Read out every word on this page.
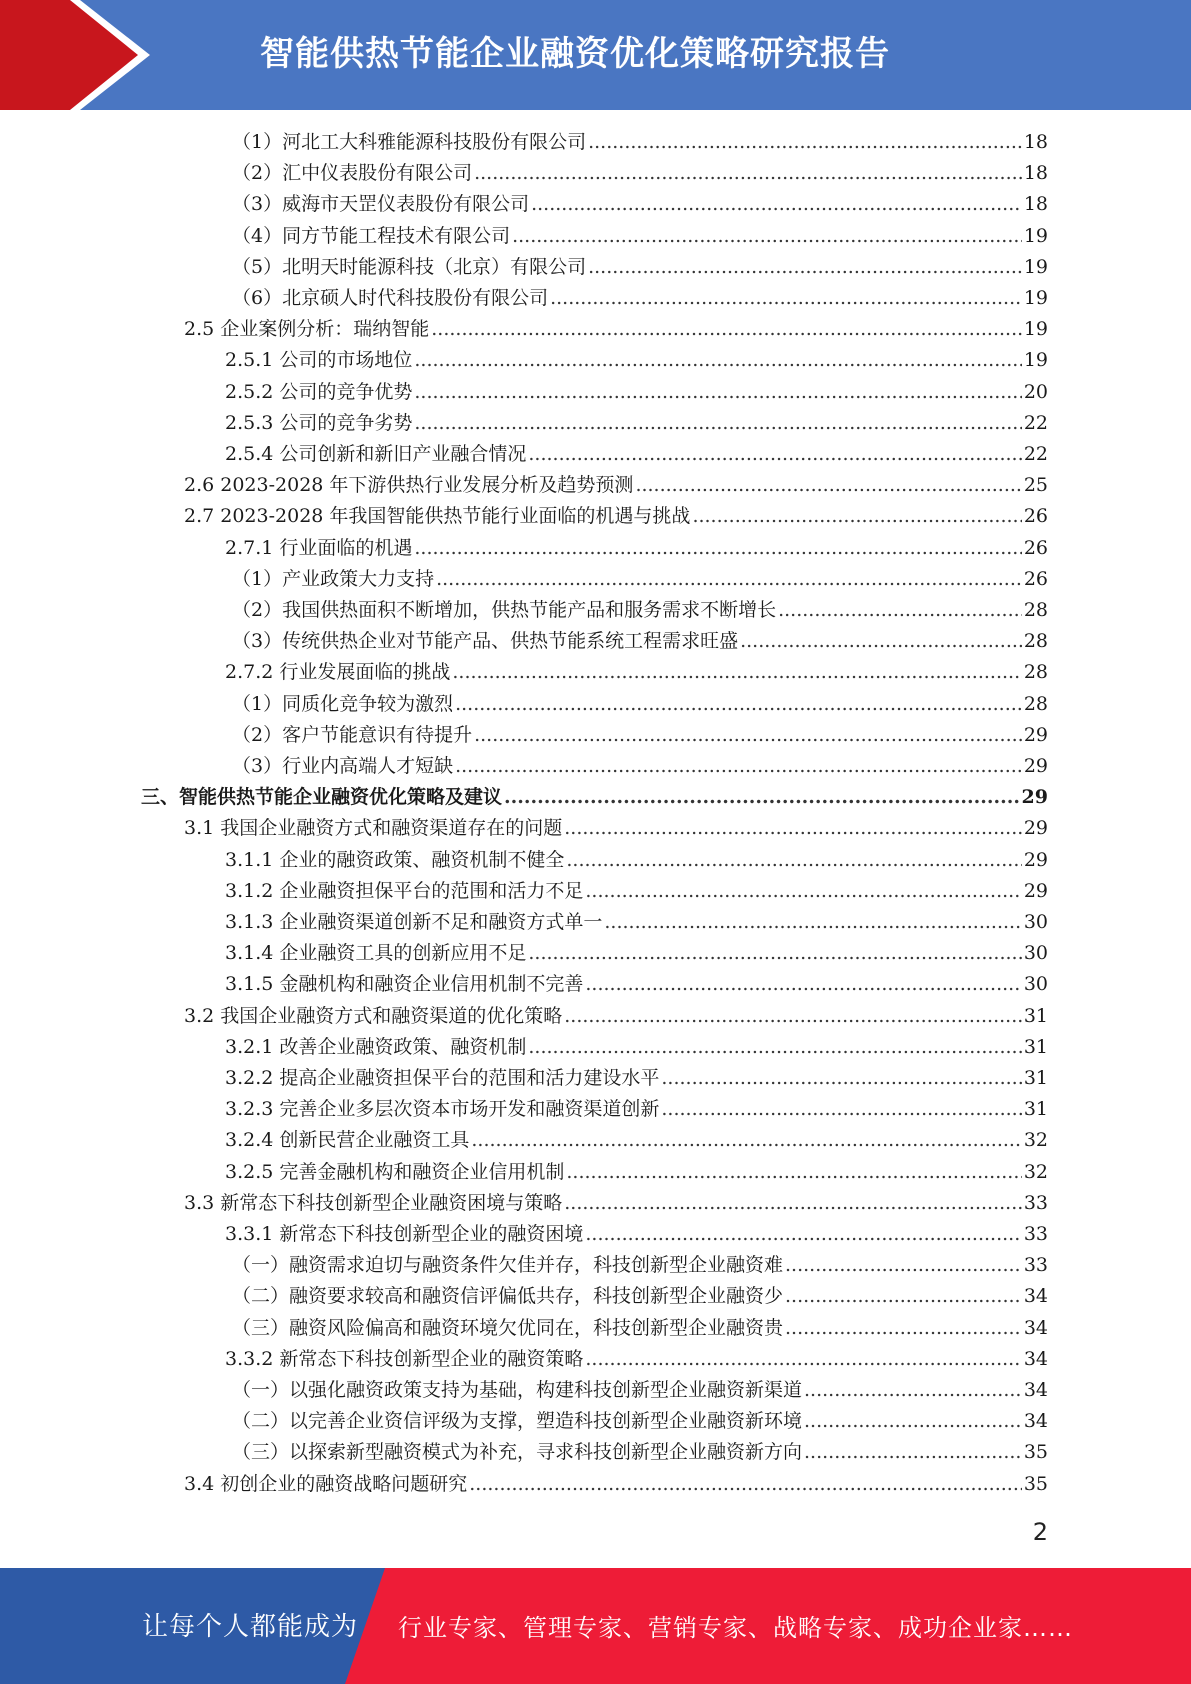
智能供热节能企业融资优化策略研究报告
（1）河北工大科雅能源科技股份有限公司 .....	18
（2）汇中仪表股份有限公司 .....	18
（3）威海市天罡仪表股份有限公司 .....	18
（4）同方节能工程技术有限公司 .....	19
（5）北明天时能源科技（北京）有限公司 .....	19
（6）北京硕人时代科技股份有限公司 .....	19
2.5 企业案例分析：瑞纳智能 .....	19
2.5.1 公司的市场地位 .....	19
2.5.2 公司的竞争优势 .....	20
2.5.3 公司的竞争劣势 .....	22
2.5.4 公司创新和新旧产业融合情况 .....	22
2.6 2023-2028 年下游供热行业发展分析及趋势预测 .....	25
2.7 2023-2028 年我国智能供热节能行业面临的机遇与挑战 .....	26
2.7.1 行业面临的机遇 .....	26
（1）产业政策大力支持 .....	26
（2）我国供热面积不断增加，供热节能产品和服务需求不断增长 .....	28
（3）传统供热企业对节能产品、供热节能系统工程需求旺盛 .....	28
2.7.2 行业发展面临的挑战 .....	28
（1）同质化竞争较为激烈 .....	28
（2）客户节能意识有待提升 .....	29
（3）行业内高端人才短缺 .....	29
三、智能供热节能企业融资优化策略及建议 .....	29
3.1 我国企业融资方式和融资渠道存在的问题 .....	29
3.1.1 企业的融资政策、融资机制不健全 .....	29
3.1.2 企业融资担保平台的范围和活力不足 .....	29
3.1.3 企业融资渠道创新不足和融资方式单一 .....	30
3.1.4 企业融资工具的创新应用不足 .....	30
3.1.5 金融机构和融资企业信用机制不完善 .....	30
3.2 我国企业融资方式和融资渠道的优化策略 .....	31
3.2.1 改善企业融资政策、融资机制 .....	31
3.2.2 提高企业融资担保平台的范围和活力建设水平 .....	31
3.2.3 完善企业多层次资本市场开发和融资渠道创新 .....	31
3.2.4 创新民营企业融资工具 .....	32
3.2.5 完善金融机构和融资企业信用机制 .....	32
3.3 新常态下科技创新型企业融资困境与策略 .....	33
3.3.1 新常态下科技创新型企业的融资困境 .....	33
（一）融资需求迫切与融资条件欠佳并存，科技创新型企业融资难 .....	33
（二）融资要求较高和融资信评偏低共存，科技创新型企业融资少 .....	34
（三）融资风险偏高和融资环境欠优同在，科技创新型企业融资贵 .....	34
3.3.2 新常态下科技创新型企业的融资策略 .....	34
（一）以强化融资政策支持为基础，构建科技创新型企业融资新渠道 .....	34
（二）以完善企业资信评级为支撑，塑造科技创新型企业融资新环境 .....	34
（三）以探索新型融资模式为补充，寻求科技创新型企业融资新方向 .....	35
3.4 初创企业的融资战略问题研究 .....	35
2
让每个人都能成为 行业专家、管理专家、营销专家、战略专家、成功企业家……
